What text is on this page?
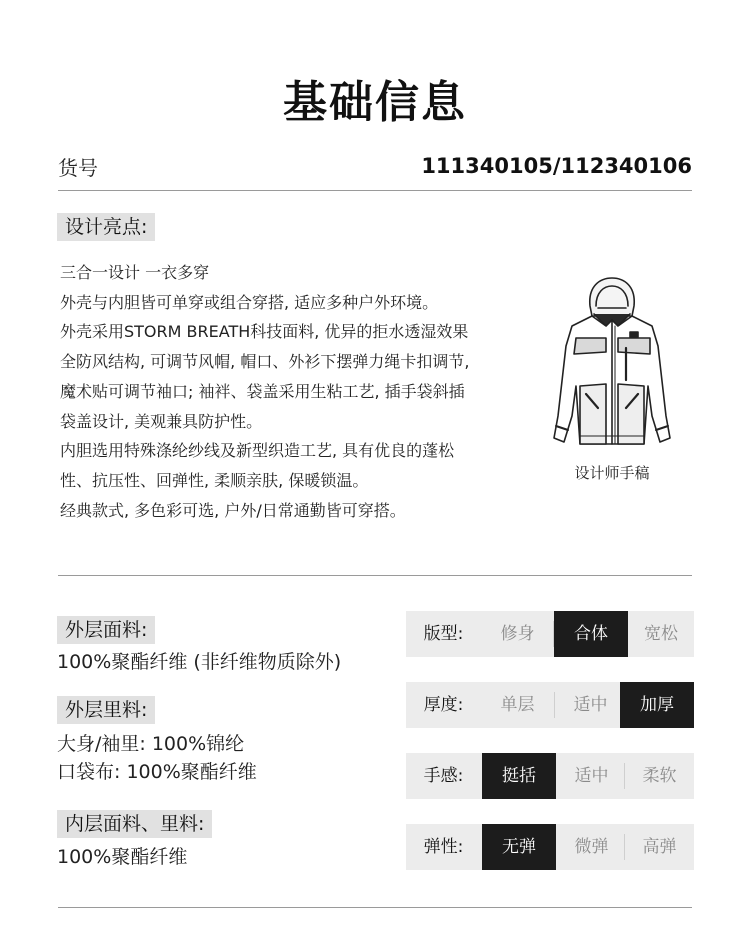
基础信息
货号	111340105/112340106
设计亮点:
三合一设计 一衣多穿
外壳与内胆皆可单穿或组合穿搭, 适应多种户外环境。
外壳采用STORM BREATH科技面料, 优异的拒水透湿效果
全防风结构, 可调节风帽, 帽口、外衫下摆弹力绳卡扣调节,
魔术贴可调节袖口; 袖袢、袋盖采用生粘工艺, 插手袋斜插
袋盖设计, 美观兼具防护性。
内胆选用特殊涤纶纱线及新型织造工艺, 具有优良的蓬松
性、抗压性、回弹性, 柔顺亲肤, 保暖锁温。
经典款式, 多色彩可选, 户外/日常通勤皆可穿搭。
设计师手稿
外层面料:
100%聚酯纤维 (非纤维物质除外)
外层里料:
大身/袖里: 100%锦纶
口袋布: 100%聚酯纤维
内层面料、里料:
100%聚酯纤维
版型:	修身	合体	宽松
厚度:	单层	适中	加厚
手感:	挺括	适中	柔软
弹性:	无弹	微弹	高弹
